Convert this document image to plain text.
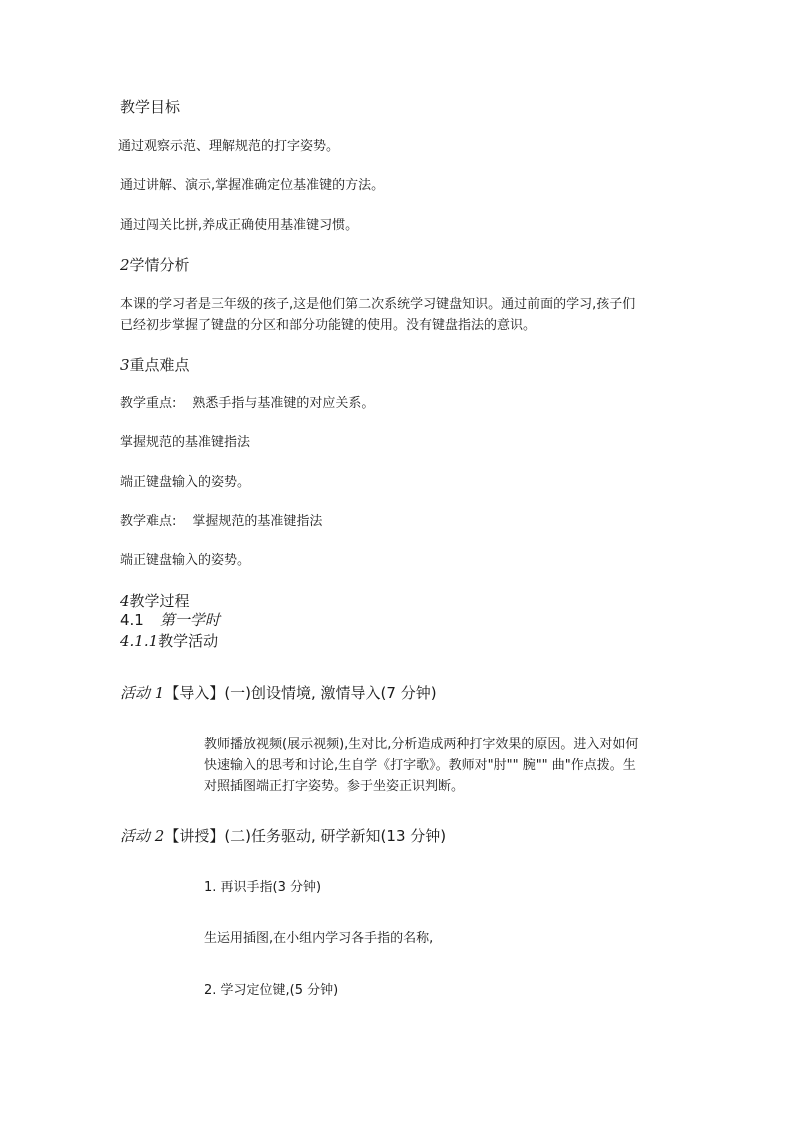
教学目标
通过观察示范、理解规范的打字姿势。
通过讲解、演示,掌握准确定位基准键的方法。
通过闯关比拼,养成正确使用基准键习惯。
2学情分析
本课的学习者是三年级的孩子,这是他们第二次系统学习键盘知识。通过前面的学习,孩子们
已经初步掌握了键盘的分区和部分功能键的使用。没有键盘指法的意识。
3重点难点
教学重点: 熟悉手指与基准键的对应关系。
掌握规范的基准键指法
端正键盘输入的姿势。
教学难点: 掌握规范的基准键指法
端正键盘输入的姿势。
4教学过程
4.1 第一学时
4.1.1教学活动
活动 1【导入】(一)创设情境, 激情导入(7 分钟)
教师播放视频(展示视频),生对比,分析造成两种打字效果的原因。进入对如何
快速输入的思考和讨论,生自学《打字歌》。教师对"肘"" 腕"" 曲"作点拨。生
对照插图端正打字姿势。参于坐姿正识判断。
活动 2【讲授】(二)任务驱动, 研学新知(13 分钟)
1. 再识手指(3 分钟)
生运用插图,在小组内学习各手指的名称,
2. 学习定位键,(5 分钟)
